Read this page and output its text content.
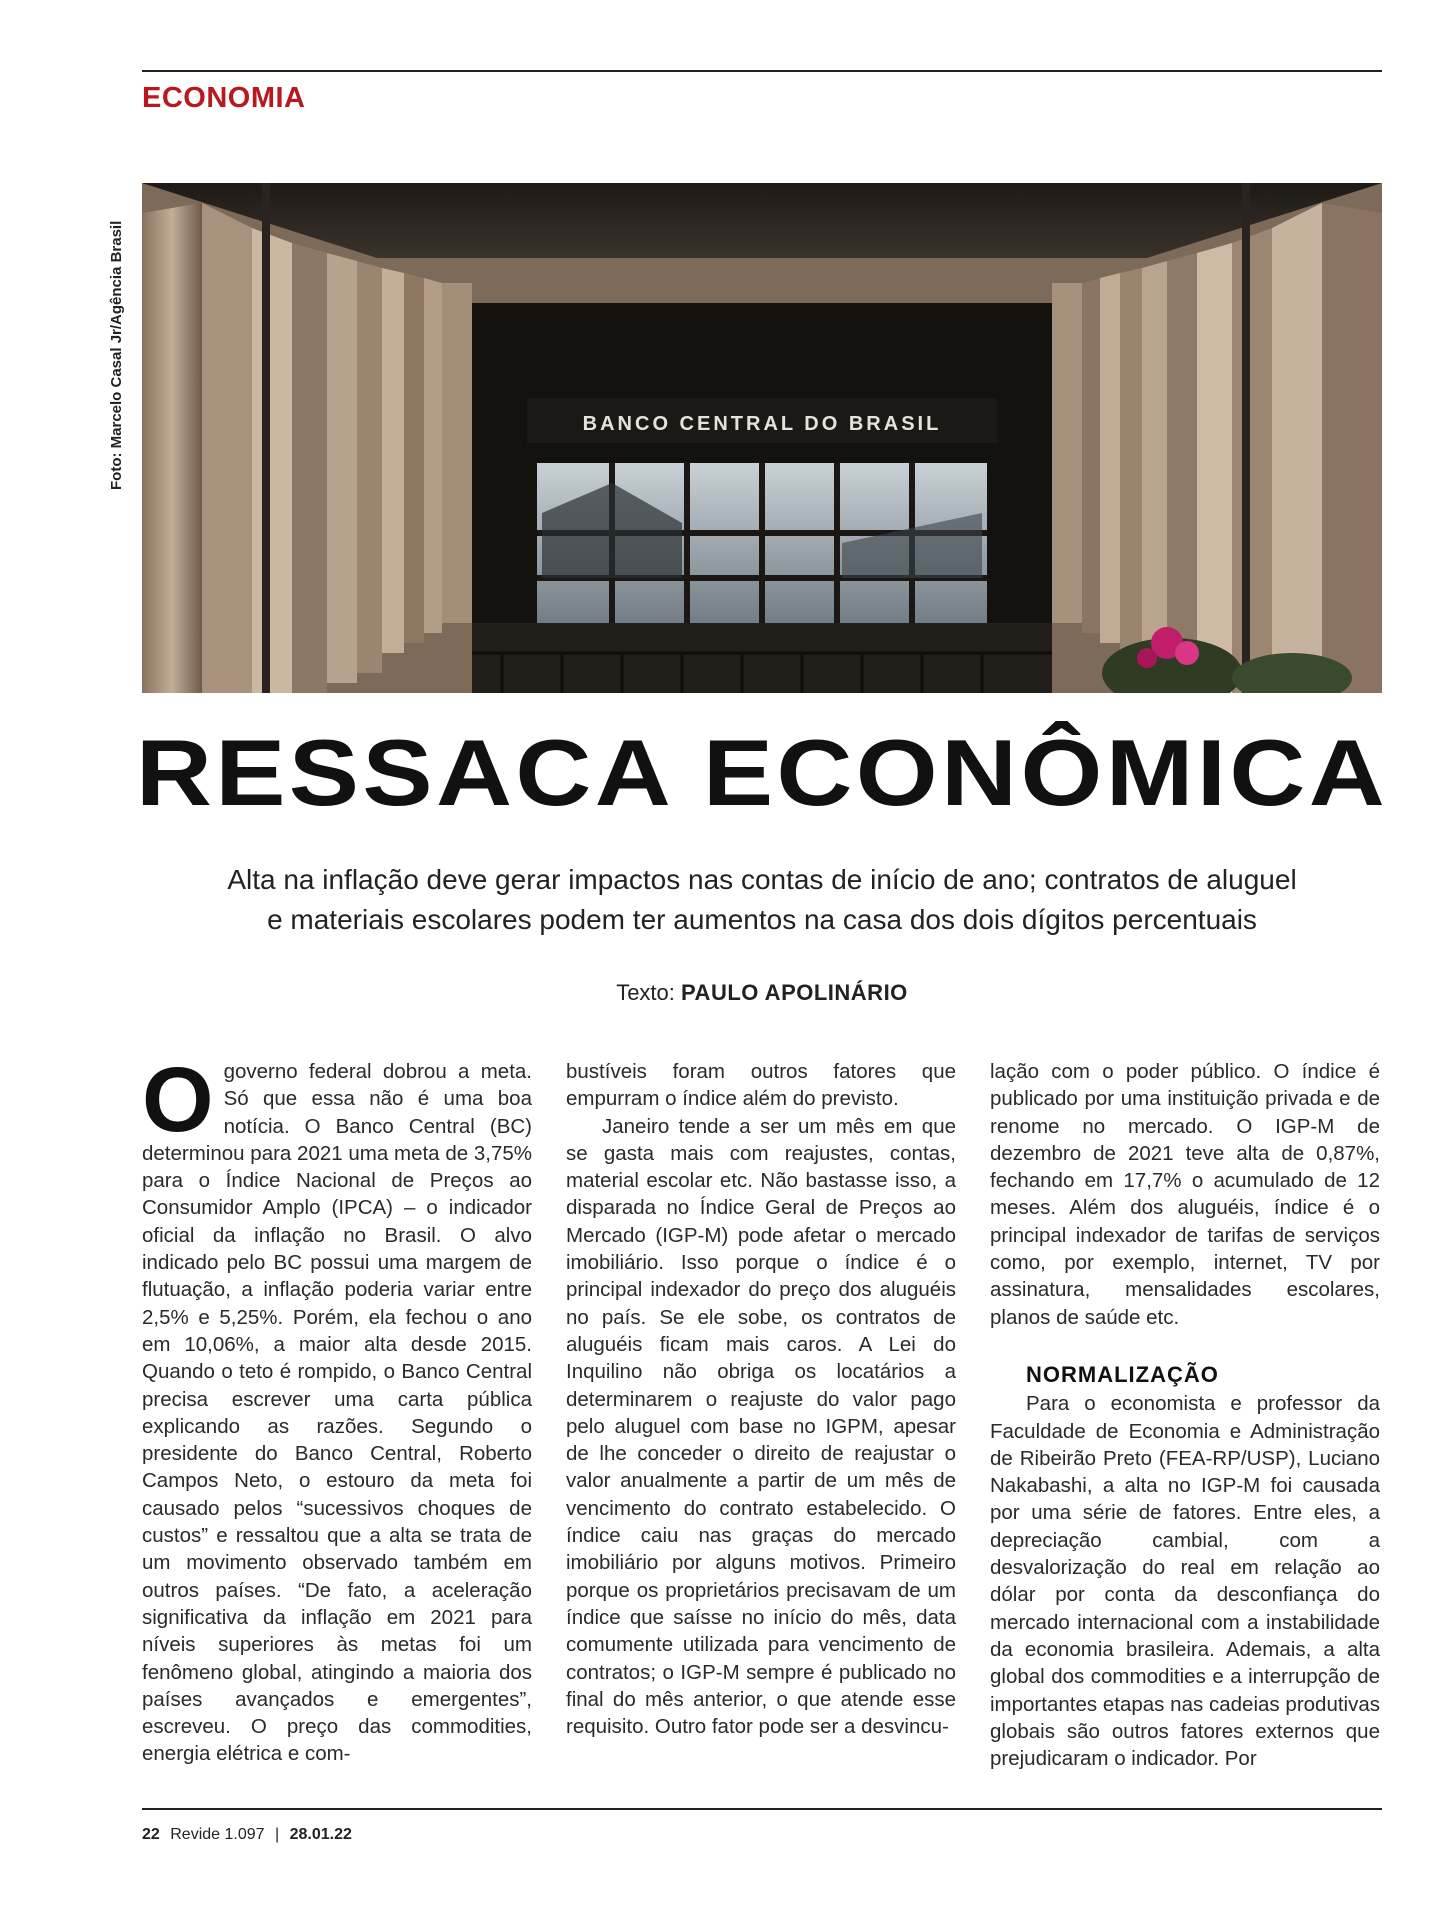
ECONOMIA
Foto: Marcelo Casal Jr/Agência Brasil	BANCO CENTRAL DO BRASIL
RESSACA ECONÔMICA
Alta na inflação deve gerar impactos nas contas de início de ano; contratos de aluguel
e materiais escolares podem ter aumentos na casa dos dois dígitos percentuais
Texto: PAULO APOLINÁRIO

O governo federal dobrou a meta. Só que essa não é uma boa notícia. O Banco Central (BC) determinou para 2021 uma meta de 3,75% para o Índice Nacional de Preços ao Consumidor Amplo (IPCA) – o indicador oficial da inflação no Brasil. O alvo indicado pelo BC possui uma margem de flutuação, a inflação poderia variar entre 2,5% e 5,25%. Porém, ela fechou o ano em 10,06%, a maior alta desde 2015. Quando o teto é rompido, o Banco Central precisa escrever uma carta pública explicando as razões. Segundo o presidente do Banco Central, Roberto Campos Neto, o estouro da meta foi causado pelos “sucessivos choques de custos” e ressaltou que a alta se trata de um movimento observado também em outros países. “De fato, a aceleração significativa da inflação em 2021 para níveis superiores às metas foi um fenômeno global, atingindo a maioria dos países avançados e emergentes”, escreveu. O preço das commodities, energia elétrica e com-

bustíveis foram outros fatores que empurram o índice além do previsto.

Janeiro tende a ser um mês em que se gasta mais com reajustes, contas, material escolar etc. Não bastasse isso, a disparada no Índice Geral de Preços ao Mercado (IGP-M) pode afetar o mercado imobiliário. Isso porque o índice é o principal indexador do preço dos aluguéis no país. Se ele sobe, os contratos de aluguéis ficam mais caros. A Lei do Inquilino não obriga os locatários a determinarem o reajuste do valor pago pelo aluguel com base no IGPM, apesar de lhe conceder o direito de reajustar o valor anualmente a partir de um mês de vencimento do contrato estabelecido. O índice caiu nas graças do mercado imobiliário por alguns motivos. Primeiro porque os proprietários precisavam de um índice que saísse no início do mês, data comumente utilizada para vencimento de contratos; o IGP-M sempre é publicado no final do mês anterior, o que atende esse requisito. Outro fator pode ser a desvincu-

lação com o poder público. O índice é publicado por uma instituição privada e de renome no mercado. O IGP-M de dezembro de 2021 teve alta de 0,87%, fechando em 17,7% o acumulado de 12 meses. Além dos aluguéis, índice é o principal indexador de tarifas de serviços como, por exemplo, internet, TV por assinatura, mensalidades escolares, planos de saúde etc.

NORMALIZAÇÃO

Para o economista e professor da Faculdade de Economia e Administração de Ribeirão Preto (FEA-RP/USP), Luciano Nakabashi, a alta no IGP-M foi causada por uma série de fatores. Entre eles, a depreciação cambial, com a desvalorização do real em relação ao dólar por conta da desconfiança do mercado internacional com a instabilidade da economia brasileira. Ademais, a alta global dos commodities e a interrupção de importantes etapas nas cadeias produtivas globais são outros fatores externos que prejudicaram o indicador. Por

22 Revide 1.097 | 28.01.22
